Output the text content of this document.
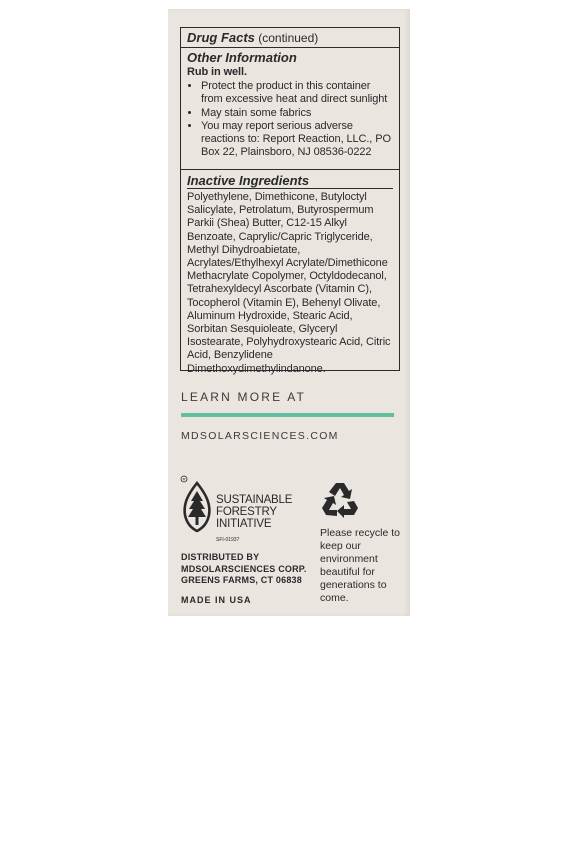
Drug Facts (continued)
Other Information
Rub in well.
• Protect the product in this container from excessive heat and direct sunlight
• May stain some fabrics
• You may report serious adverse reactions to: Report Reaction, LLC., PO Box 22, Plainsboro, NJ 08536-0222
Inactive Ingredients
Polyethylene, Dimethicone, Butyloctyl Salicylate, Petrolatum, Butyrospermum Parkii (Shea) Butter, C12-15 Alkyl Benzoate, Caprylic/Capric Triglyceride, Methyl Dihydroabietate, Acrylates/Ethylhexyl Acrylate/Dimethicone Methacrylate Copolymer, Octyldodecanol, Tetrahexyldecyl Ascorbate (Vitamin C), Tocopherol (Vitamin E), Behenyl Olivate, Aluminum Hydroxide, Stearic Acid, Sorbitan Sesquioleate, Glyceryl Isostearate, Polyhydroxystearic Acid, Citric Acid, Benzylidene Dimethoxydimethylindanone.
LEARN MORE AT
MDSOLARSCIENCES.COM
R
SUSTAINABLE
FORESTRY
INITIATIVE
SFI-01937
Please recycle to keep our environment beautiful for generations to come.
DISTRIBUTED BY
MDSOLARSCIENCES CORP.
GREENS FARMS, CT 06838
MADE IN USA
